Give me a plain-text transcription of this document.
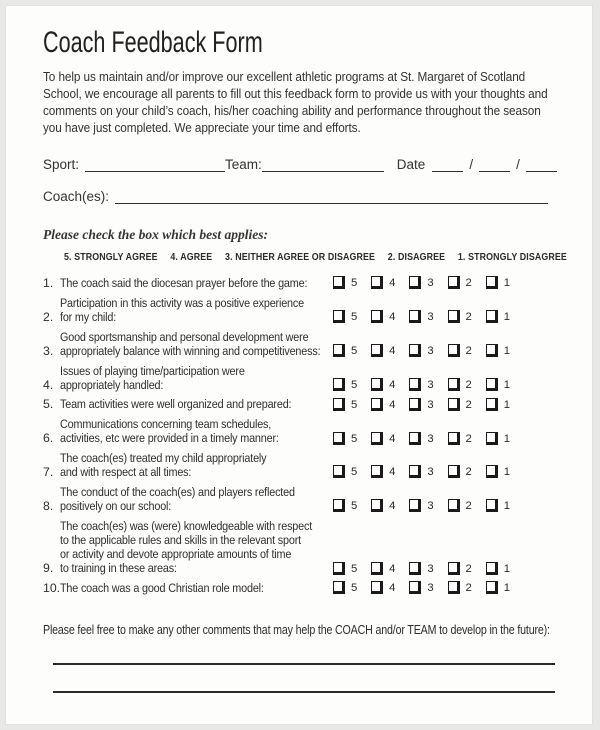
Coach Feedback Form

To help us maintain and/or improve our excellent athletic programs at St. Margaret of Scotland School, we encourage all parents to fill out this feedback form to provide us with your thoughts and comments on your child’s coach, his/her coaching ability and performance throughout the season you have just completed. We appreciate your time and efforts.

Sport:	Team:	Date	/	/
Coach(es):
Please check the box which best applies:
5. STRONGLY AGREE 4. AGREE 3. NEITHER AGREE OR DISAGREE 2. DISAGREE 1. STRONGLY DISAGREE
1. The coach said the diocesan prayer before the game:	5	4	3	2	1
2.
Participation in this activity was a positive experience
for my child:	5	4	3	2	1
3.
Good sportsmanship and personal development were
appropriately balance with winning and competitiveness:	5	4	3	2	1
4.
Issues of playing time/participation were
appropriately handled:	5	4	3	2	1
5. Team activities were well organized and prepared:	5	4	3	2	1
6.
Communications concerning team schedules,
activities, etc were provided in a timely manner:	5	4	3	2	1
7.
The coach(es) treated my child appropriately
and with respect at all times:	5	4	3	2	1
8.
The conduct of the coach(es) and players reflected
positively on our school:	5	4	3	2	1
9.
The coach(es) was (were) knowledgeable with respect
to the applicable rules and skills in the relevant sport
or activity and devote appropriate amounts of time
to training in these areas:	5	4	3	2	1
10. The coach was a good Christian role model:	5	4	3	2	1
Please feel free to make any other comments that may help the COACH and/or TEAM to develop in the future):
